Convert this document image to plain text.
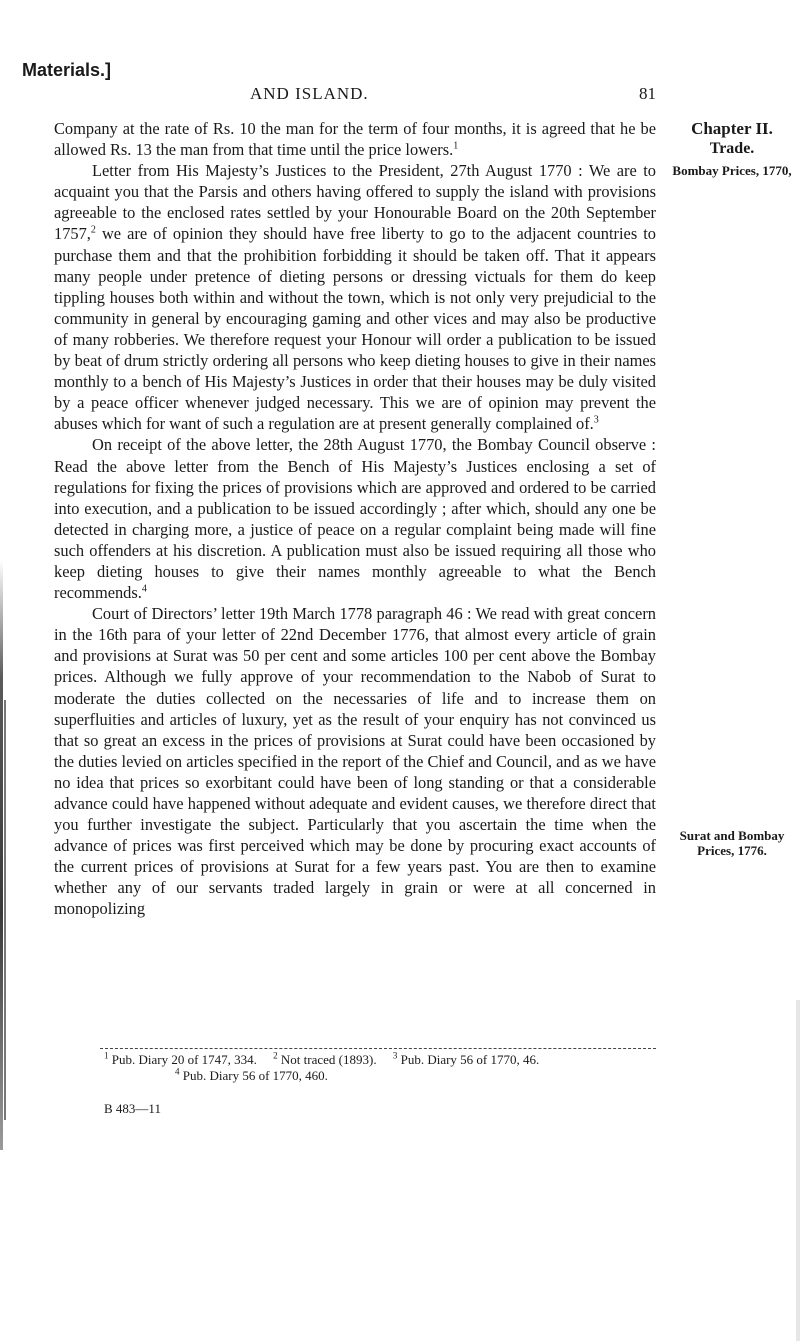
Materials.]
AND ISLAND.	81

Company at the rate of Rs. 10 the man for the term of four months, it is agreed that he be allowed Rs. 13 the man from that time until the price lowers.$^1$

Letter from His Majesty’s Justices to the President, 27th August 1770 : We are to acquaint you that the Parsis and others having offered to supply the island with provisions agreeable to the enclosed rates settled by your Honourable Board on the 20th September 1757,$^2$ we are of opinion they should have free liberty to go to the adjacent countries to purchase them and that the prohibition forbidding it should be taken off. That it appears many people under pretence of dieting persons or dressing victuals for them do keep tippling houses both within and without the town, which is not only very prejudicial to the community in general by encouraging gaming and other vices and may also be productive of many robberies. We therefore request your Honour will order a publication to be issued by beat of drum strictly ordering all persons who keep dieting houses to give in their names monthly to a bench of His Majesty’s Justices in order that their houses may be duly visited by a peace officer whenever judged necessary. This we are of opinion may prevent the abuses which for want of such a regulation are at present generally complained of.$^3$

On receipt of the above letter, the 28th August 1770, the Bombay Council observe : Read the above letter from the Bench of His Majesty’s Justices enclosing a set of regulations for fixing the prices of provisions which are approved and ordered to be carried into execution, and a publication to be issued accordingly ; after which, should any one be detected in charging more, a justice of peace on a regular complaint being made will fine such offenders at his discretion. A publication must also be issued requiring all those who keep dieting houses to give their names monthly agreeable to what the Bench recommends.$^4$

Court of Directors’ letter 19th March 1778 paragraph 46 : We read with great concern in the 16th para of your letter of 22nd December 1776, that almost every article of grain and provisions at Surat was 50 per cent and some articles 100 per cent above the Bombay prices. Although we fully approve of your recommendation to the Nabob of Surat to moderate the duties collected on the necessaries of life and to increase them on superfluities and articles of luxury, yet as the result of your enquiry has not convinced us that so great an excess in the prices of provisions at Surat could have been occasioned by the duties levied on articles specified in the report of the Chief and Council, and as we have no idea that prices so exorbitant could have been of long standing or that a considerable advance could have happened without adequate and evident causes, we therefore direct that you further investigate the subject. Particularly that you ascertain the time when the advance of prices was first perceived which may be done by procuring exact accounts of the current prices of provisions at Surat for a few years past. You are then to examine whether any of our servants traded largely in grain or were at all concerned in monopolizing

Chapter II.
Trade.
Bombay Prices, 1770,
Surat and Bombay Prices, 1776.
$^1$ Pub. Diary 20 of 1747, 334. $^2$ Not traced (1893). $^3$ Pub. Diary 56 of 1770, 46.
$^4$ Pub. Diary 56 of 1770, 460.
B 483—11
